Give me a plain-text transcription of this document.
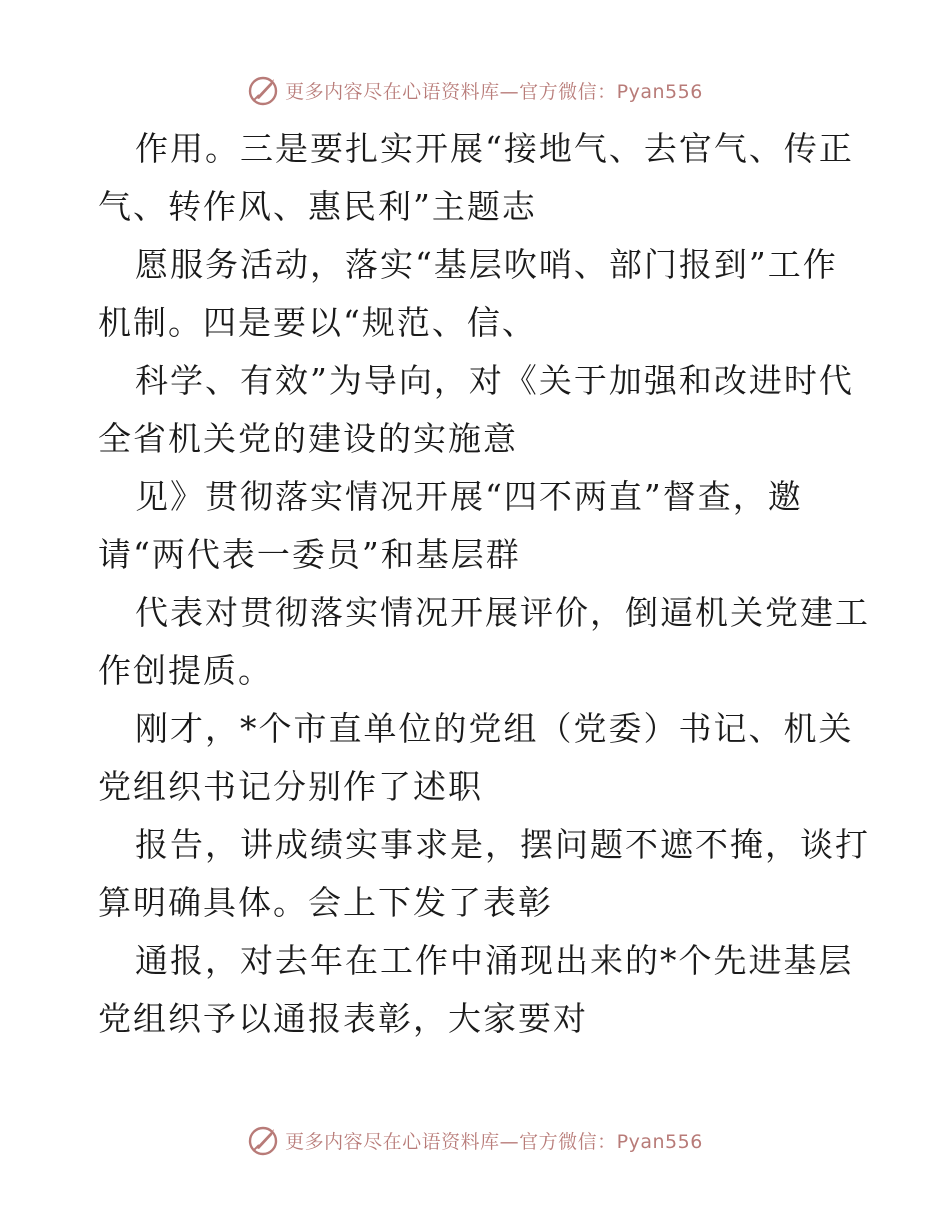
更多内容尽在心语资料库—官方微信：Pyan556
作用。三是要扎实开展“接地气、去官气、传正
气、转作风、惠民利”主题志
愿服务活动，落实“基层吹哨、部门报到”工作
机制。四是要以“规范、信、
科学、有效”为导向，对《关于加强和改进时代
全省机关党的建设的实施意
见》贯彻落实情况开展“四不两直”督查，邀
请“两代表一委员”和基层群
代表对贯彻落实情况开展评价，倒逼机关党建工
作创提质。
刚才，*个市直单位的党组（党委）书记、机关
党组织书记分别作了述职
报告，讲成绩实事求是，摆问题不遮不掩，谈打
算明确具体。会上下发了表彰
通报，对去年在工作中涌现出来的*个先进基层
党组织予以通报表彰，大家要对
更多内容尽在心语资料库—官方微信：Pyan556
